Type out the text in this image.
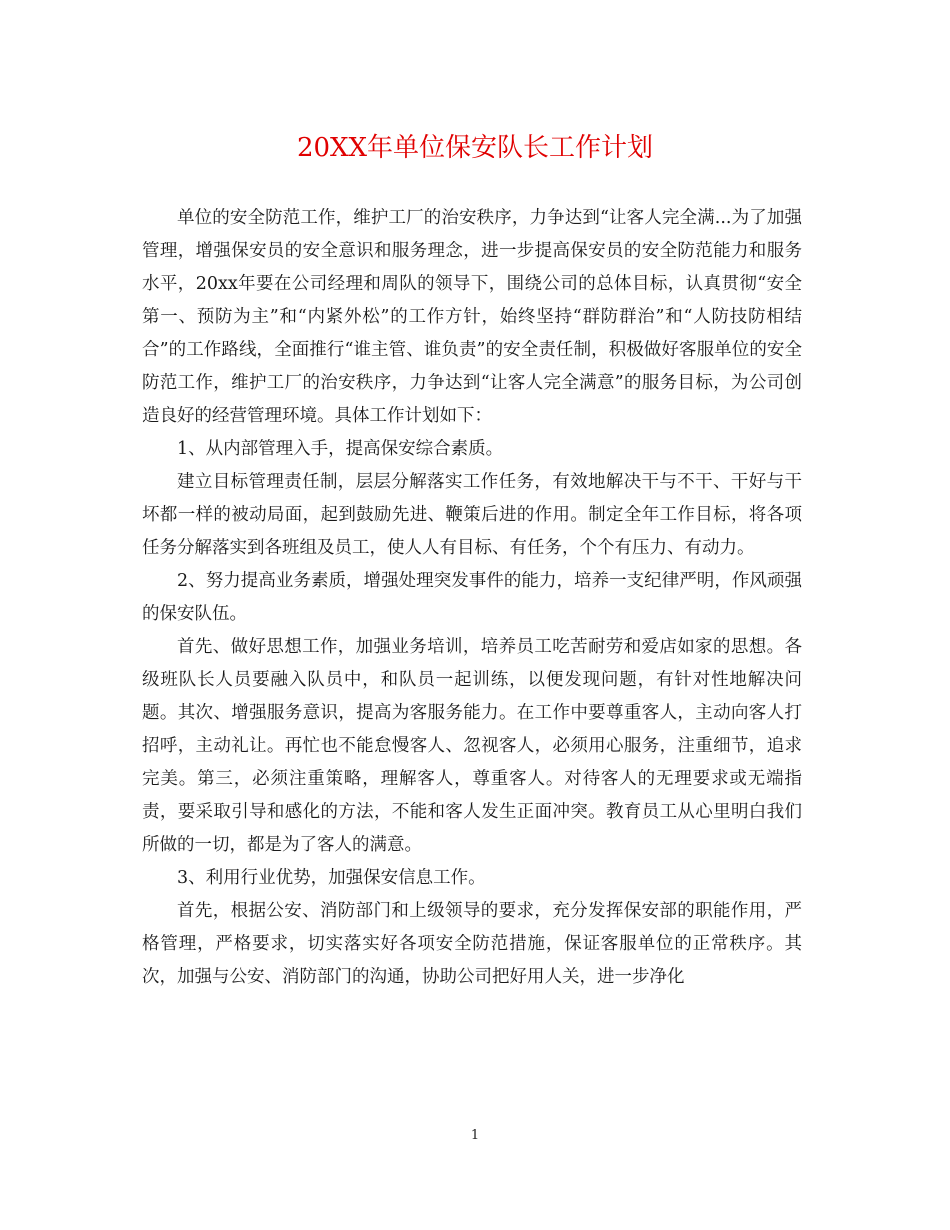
20XX年单位保安队长工作计划

单位的安全防范工作，维护工厂的治安秩序，力争达到“让客人完全满...为了加强管理，增强保安员的安全意识和服务理念，进一步提高保安员的安全防范能力和服务水平，20xx年要在公司经理和周队的领导下，围绕公司的总体目标，认真贯彻“安全第一、预防为主”和“内紧外松”的工作方针，始终坚持“群防群治”和“人防技防相结合”的工作路线，全面推行“谁主管、谁负责”的安全责任制，积极做好客服单位的安全防范工作，维护工厂的治安秩序，力争达到“让客人完全满意”的服务目标，为公司创造良好的经营管理环境。具体工作计划如下：

1、从内部管理入手，提高保安综合素质。

建立目标管理责任制，层层分解落实工作任务，有效地解决干与不干、干好与干坏都一样的被动局面，起到鼓励先进、鞭策后进的作用。制定全年工作目标，将各项任务分解落实到各班组及员工，使人人有目标、有任务，个个有压力、有动力。

2、努力提高业务素质，增强处理突发事件的能力，培养一支纪律严明，作风顽强的保安队伍。

首先、做好思想工作，加强业务培训，培养员工吃苦耐劳和爱店如家的思想。各级班队长人员要融入队员中，和队员一起训练，以便发现问题，有针对性地解决问题。其次、增强服务意识，提高为客服务能力。在工作中要尊重客人，主动向客人打招呼，主动礼让。再忙也不能怠慢客人、忽视客人，必须用心服务，注重细节，追求完美。第三，必须注重策略，理解客人，尊重客人。对待客人的无理要求或无端指责，要采取引导和感化的方法，不能和客人发生正面冲突。教育员工从心里明白我们所做的一切，都是为了客人的满意。

3、利用行业优势，加强保安信息工作。

首先，根据公安、消防部门和上级领导的要求，充分发挥保安部的职能作用，严格管理，严格要求，切实落实好各项安全防范措施，保证客服单位的正常秩序。其次，加强与公安、消防部门的沟通，协助公司把好用人关，进一步净化

1
